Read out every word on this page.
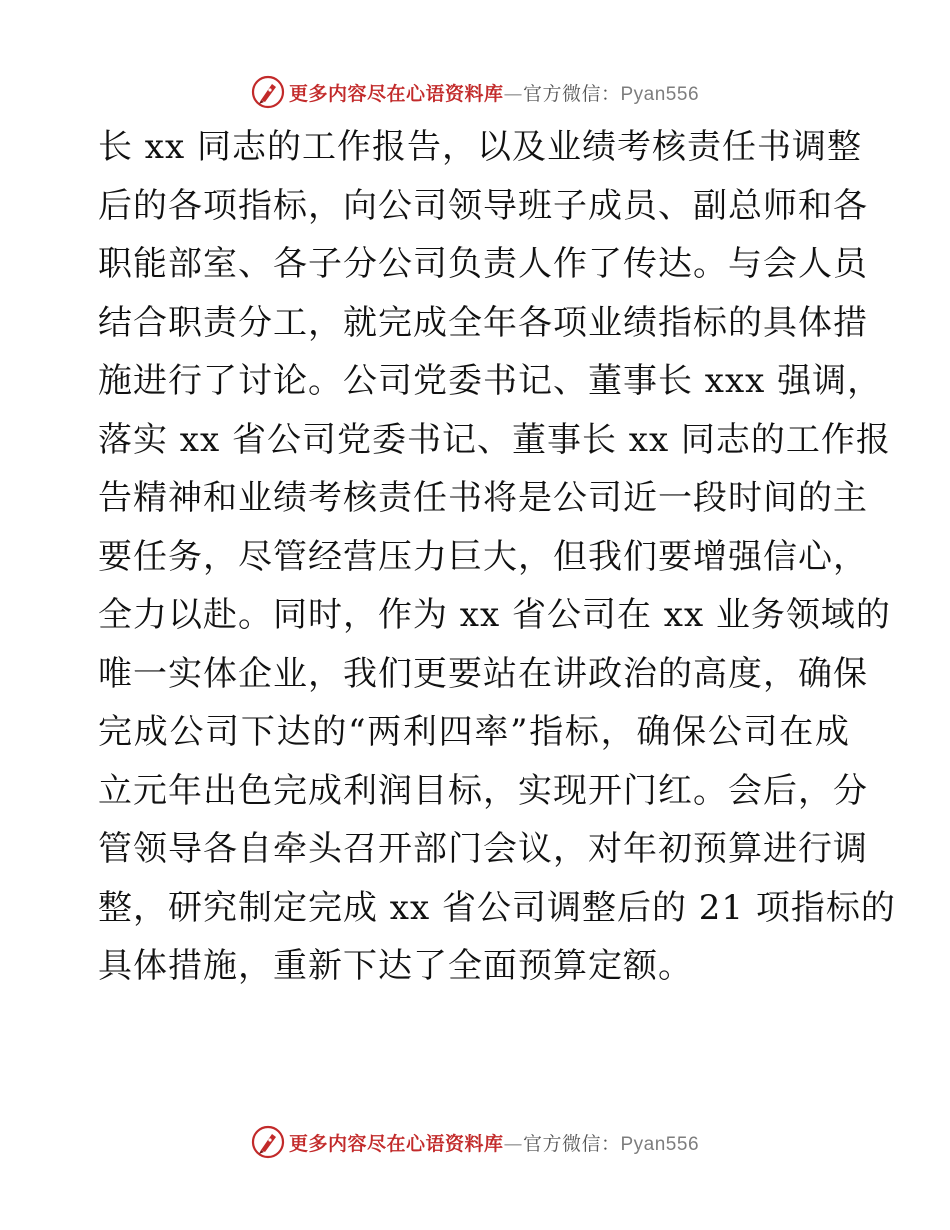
更多内容尽在心语资料库—官方微信：Pyan556
长 xx 同志的工作报告，以及业绩考核责任书调整
后的各项指标，向公司领导班子成员、副总师和各
职能部室、各子分公司负责人作了传达。与会人员
结合职责分工，就完成全年各项业绩指标的具体措
施进行了讨论。公司党委书记、董事长 xxx 强调，
落实 xx 省公司党委书记、董事长 xx 同志的工作报
告精神和业绩考核责任书将是公司近一段时间的主
要任务，尽管经营压力巨大，但我们要增强信心，
全力以赴。同时，作为 xx 省公司在 xx 业务领域的
唯一实体企业，我们更要站在讲政治的高度，确保
完成公司下达的“两利四率”指标，确保公司在成
立元年出色完成利润目标，实现开门红。会后，分
管领导各自牵头召开部门会议，对年初预算进行调
整，研究制定完成 xx 省公司调整后的 21 项指标的
具体措施，重新下达了全面预算定额。
更多内容尽在心语资料库—官方微信：Pyan556
